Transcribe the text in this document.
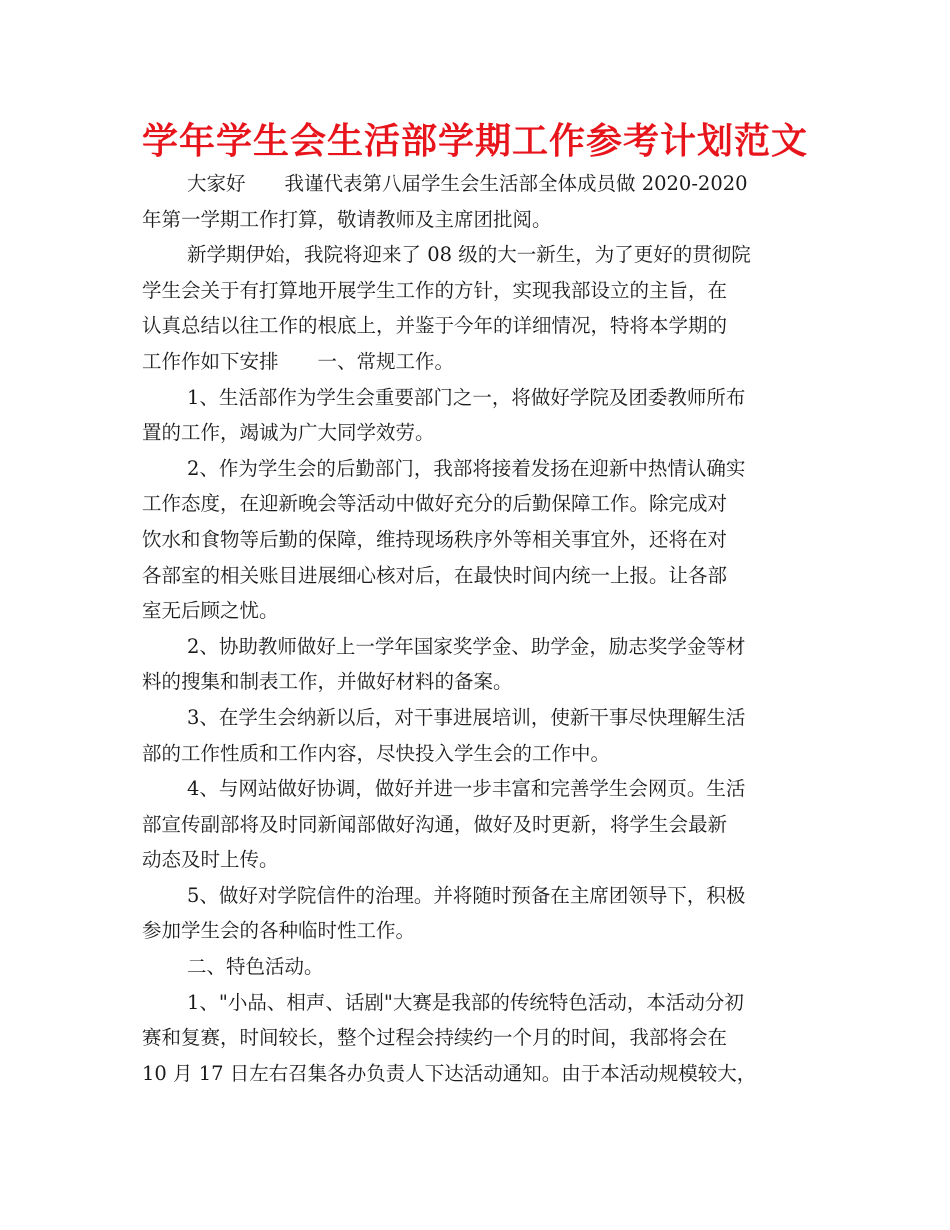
学年学生会生活部学期工作参考计划范文
大家好　　我谨代表第八届学生会生活部全体成员做 2020-2020
年第一学期工作打算，敬请教师及主席团批阅。
新学期伊始，我院将迎来了 08 级的大一新生，为了更好的贯彻院
学生会关于有打算地开展学生工作的方针，实现我部设立的主旨，在
认真总结以往工作的根底上，并鉴于今年的详细情况，特将本学期的
工作作如下安排　　一、常规工作。
1、生活部作为学生会重要部门之一，将做好学院及团委教师所布
置的工作，竭诚为广大同学效劳。
2、作为学生会的后勤部门，我部将接着发扬在迎新中热情认确实
工作态度，在迎新晚会等活动中做好充分的后勤保障工作。除完成对
饮水和食物等后勤的保障，维持现场秩序外等相关事宜外，还将在对
各部室的相关账目进展细心核对后，在最快时间内统一上报。让各部
室无后顾之忧。
2、协助教师做好上一学年国家奖学金、助学金，励志奖学金等材
料的搜集和制表工作，并做好材料的备案。
3、在学生会纳新以后，对干事进展培训，使新干事尽快理解生活
部的工作性质和工作内容，尽快投入学生会的工作中。
4、与网站做好协调，做好并进一步丰富和完善学生会网页。生活
部宣传副部将及时同新闻部做好沟通，做好及时更新，将学生会最新
动态及时上传。
5、做好对学院信件的治理。并将随时预备在主席团领导下，积极
参加学生会的各种临时性工作。
二、特色活动。
1、"小品、相声、话剧"大赛是我部的传统特色活动，本活动分初
赛和复赛，时间较长，整个过程会持续约一个月的时间，我部将会在
10 月 17 日左右召集各办负责人下达活动通知。由于本活动规模较大，
